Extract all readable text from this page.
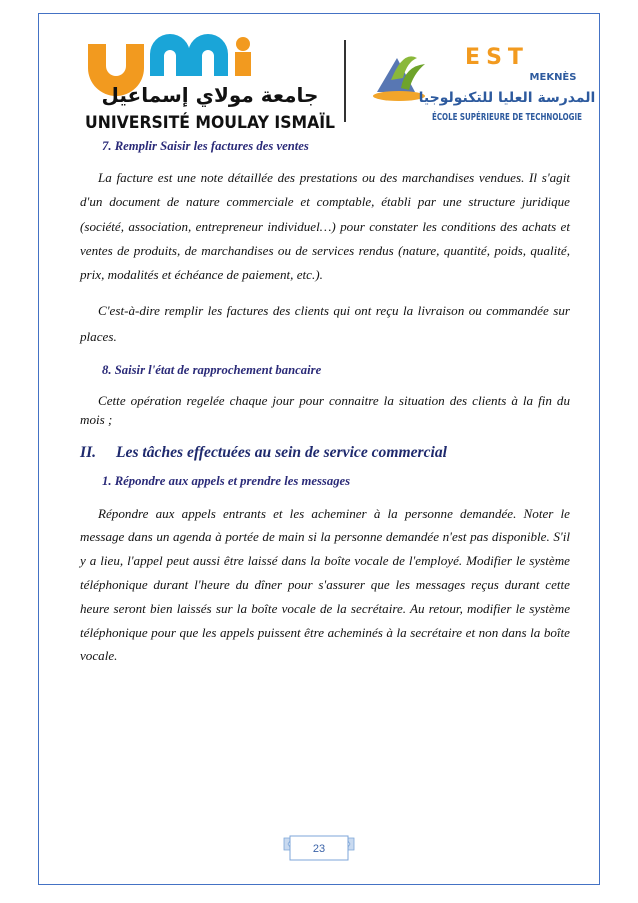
جامعة مولاي إسماعيل
UNIVERSITÉ MOULAY ISMAÏL
EST
MEKNÈS
المدرسة العليا للتكنولوجيا
ÉCOLE SUPÉRIEURE DE TECHNOLOGIE

7. Remplir Saisir les factures des ventes

La facture est une note détaillée des prestations ou des marchandises vendues. Il s'agit d'un document de nature commerciale et comptable, établi par une structure juridique (société, association, entrepreneur individuel…) pour constater les conditions des achats et ventes de produits, de marchandises ou de services rendus (nature, quantité, poids, qualité, prix, modalités et échéance de paiement, etc.).

C'est-à-dire remplir les factures des clients qui ont reçu la livraison ou commandée sur places.

8. Saisir l'état de rapprochement bancaire

Cette opération regelée chaque jour pour connaitre la situation des clients à la fin du mois ;

II.	Les tâches effectuées au sein de service commercial

1. Répondre aux appels et prendre les messages

Répondre aux appels entrants et les acheminer à la personne demandée. Noter le message dans un agenda à portée de main si la personne demandée n'est pas disponible. S'il y a lieu, l'appel peut aussi être laissé dans la boîte vocale de l'employé. Modifier le système téléphonique durant l'heure du dîner pour s'assurer que les messages reçus durant cette heure seront bien laissés sur la boîte vocale de la secrétaire. Au retour, modifier le système téléphonique pour que les appels puissent être acheminés à la secrétaire et non dans la boîte vocale.

23
